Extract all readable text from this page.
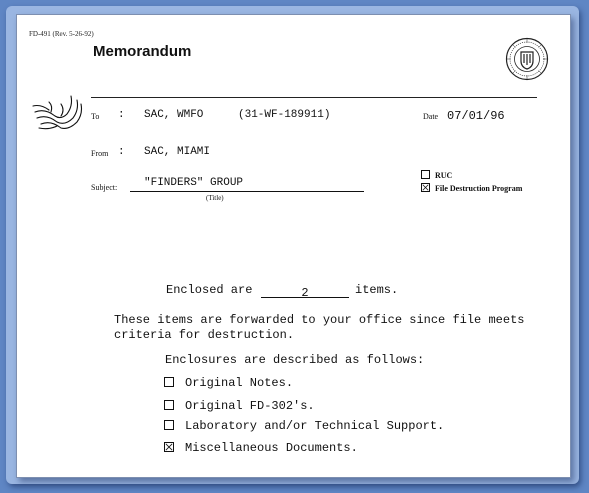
FD-491 (Rev. 5-26-92)
Memorandum
To : SAC, WMFO	(31-WF-189911)	Date 07/01/96
From : SAC, MIAMI
Subject: "FINDERS" GROUP
(Title)
RUC
File Destruction Program
Enclosed are	2	items.
These items are forwarded to your office since file meets
criteria for destruction.
Enclosures are described as follows:
Original Notes.
Original FD-302's.
Laboratory and/or Technical Support.
Miscellaneous Documents.
